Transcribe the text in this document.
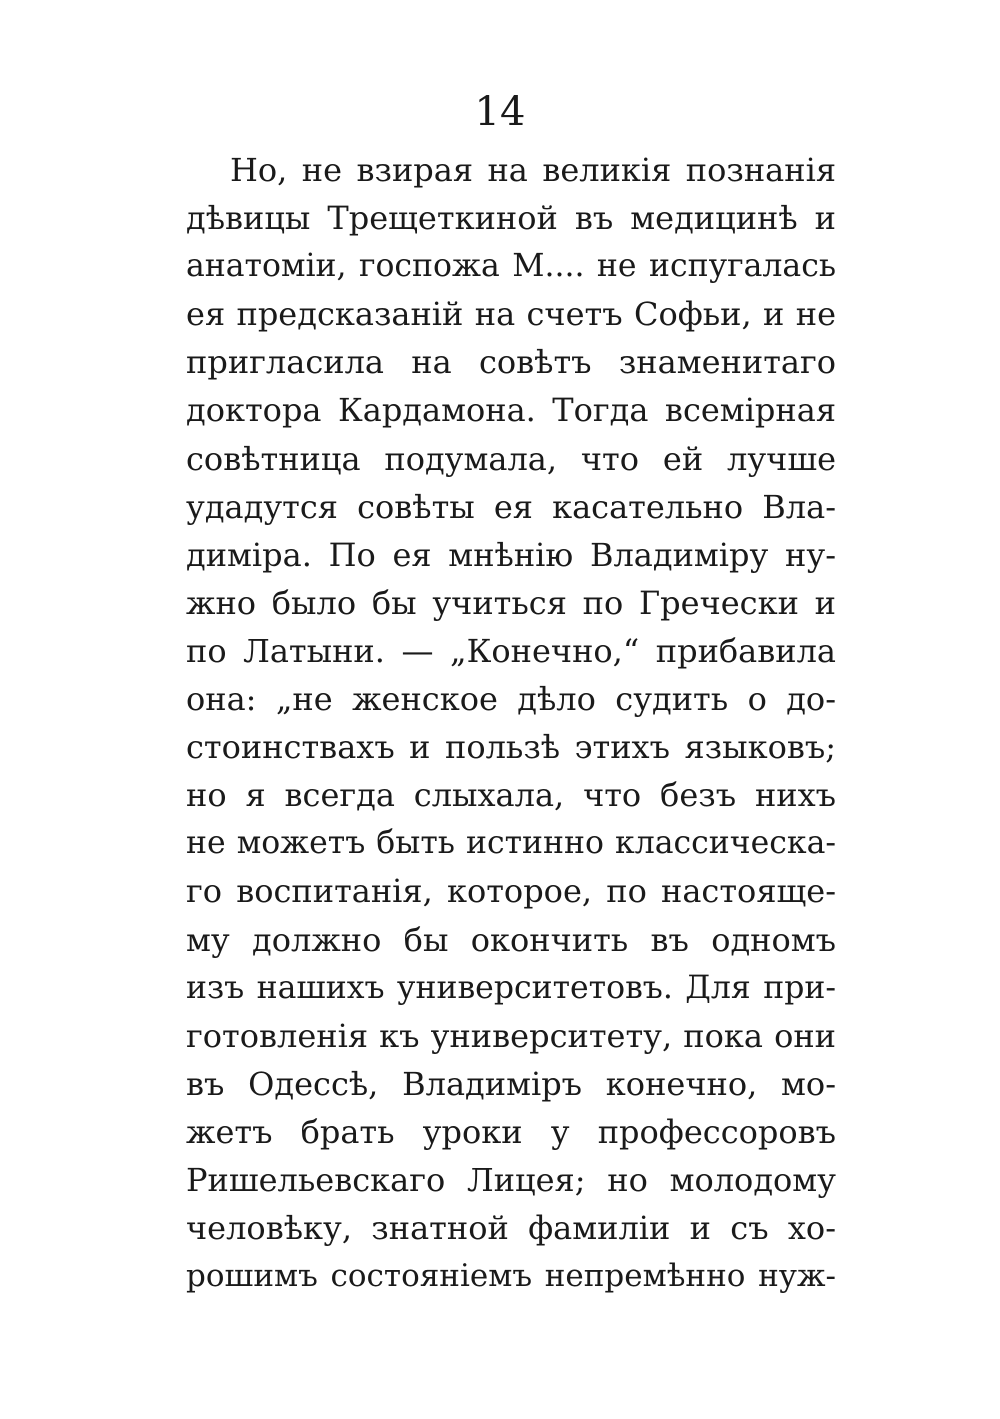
14
Но, не взирая на великія познанія
дѣвицы Трещеткиной въ медицинѣ и
анатоміи, госпожа М.... не испугалась
ея предсказаній на счетъ Софьи, и не
пригласила на совѣтъ знаменитаго
доктора Кардамона. Тогда всемірная
совѣтница подумала, что ей лучше
удадутся совѣты ея касательно Вла-
диміра. По ея мнѣнію Владиміру ну-
жно было бы учиться по Гречески и
по Латыни. — „Конечно,“ прибавила
она: „не женское дѣло судить о до-
стоинствахъ и пользѣ этихъ языковъ;
но я всегда слыхала, что безъ нихъ
не можетъ быть истинно классическа-
го воспитанія, которое, по настояще-
му должно бы окончить въ одномъ
изъ нашихъ университетовъ. Для при-
готовленія къ университету, пока они
въ Одессѣ, Владиміръ конечно, мо-
жетъ брать уроки у профессоровъ
Ришельевскаго Лицея; но молодому
человѣку, знатной фамиліи и съ хо-
рошимъ состояніемъ непремѣнно нуж-
